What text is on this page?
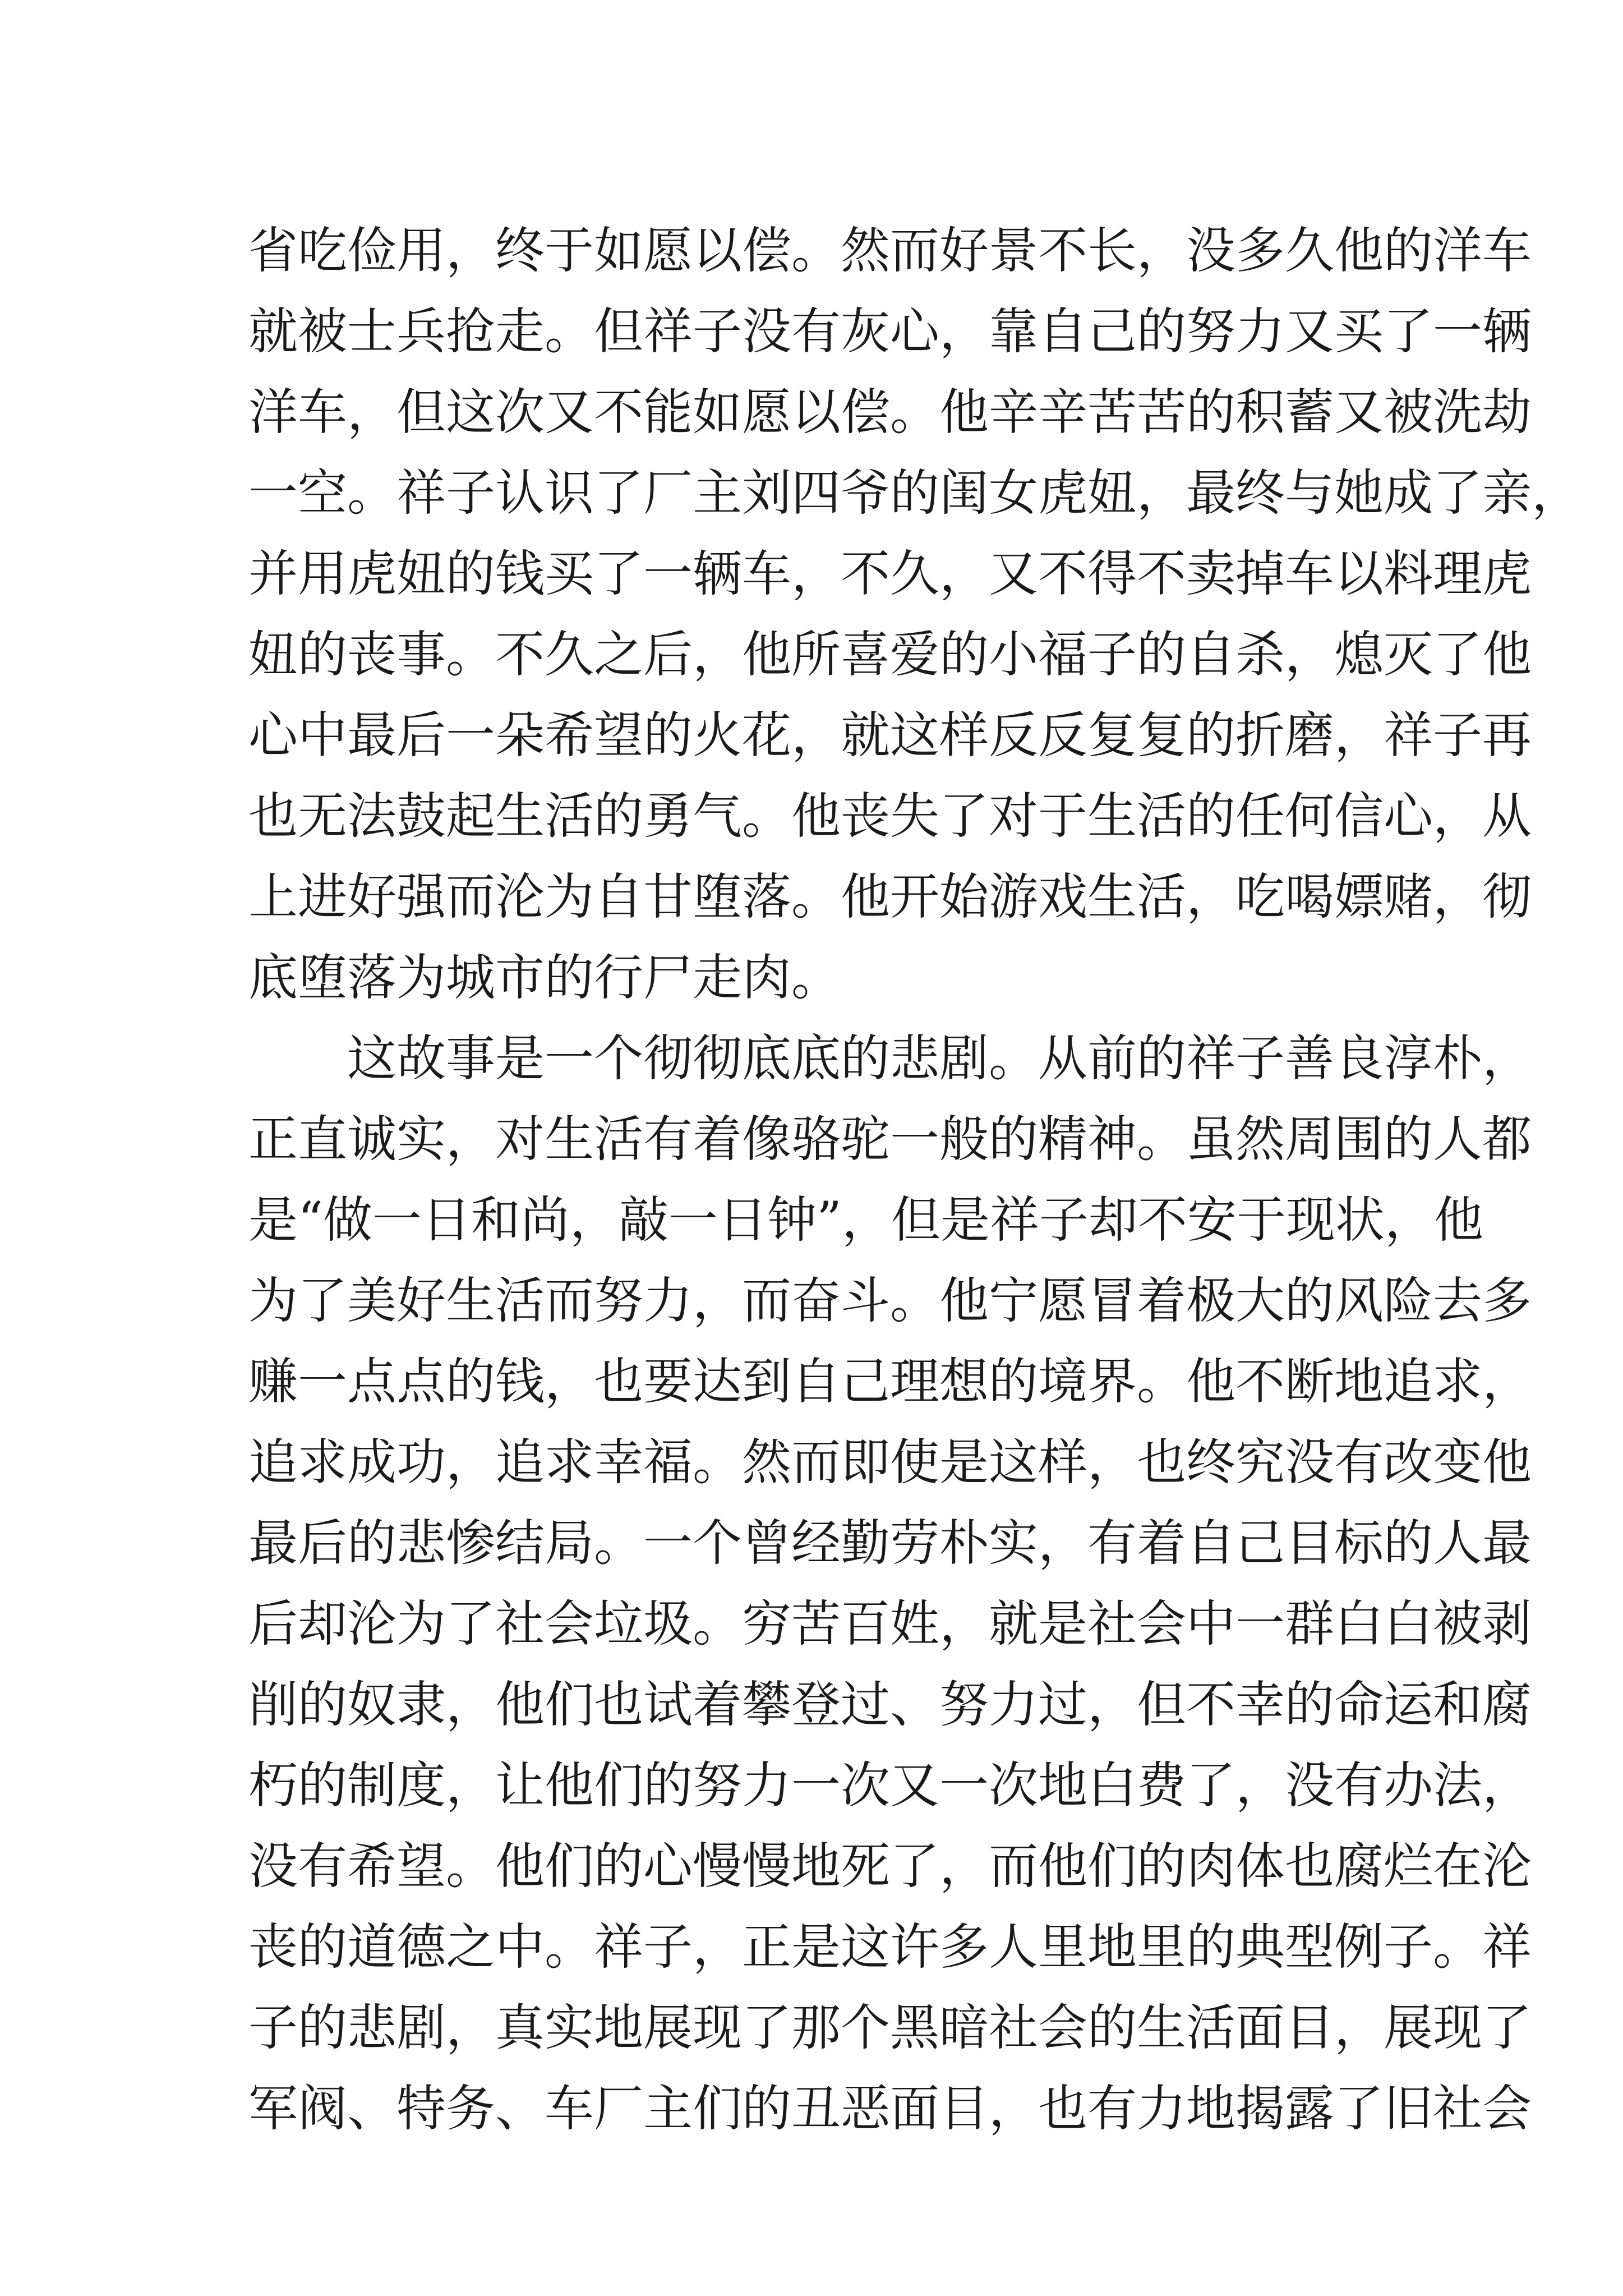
省吃俭用，终于如愿以偿。然而好景不长，没多久他的洋车
就被士兵抢走。但祥子没有灰心，靠自己的努力又买了一辆
洋车，但这次又不能如愿以偿。他辛辛苦苦的积蓄又被洗劫
一空。祥子认识了厂主刘四爷的闺女虎妞，最终与她成了亲，
并用虎妞的钱买了一辆车，不久，又不得不卖掉车以料理虎
妞的丧事。不久之后，他所喜爱的小福子的自杀，熄灭了他
心中最后一朵希望的火花，就这样反反复复的折磨，祥子再
也无法鼓起生活的勇气。他丧失了对于生活的任何信心，从
上进好强而沦为自甘堕落。他开始游戏生活，吃喝嫖赌，彻
底堕落为城市的行尸走肉。
这故事是一个彻彻底底的悲剧。从前的祥子善良淳朴，
正直诚实，对生活有着像骆驼一般的精神。虽然周围的人都
是“做一日和尚，敲一日钟”，但是祥子却不安于现状，他
为了美好生活而努力，而奋斗。他宁愿冒着极大的风险去多
赚一点点的钱，也要达到自己理想的境界。他不断地追求，
追求成功，追求幸福。然而即使是这样，也终究没有改变他
最后的悲惨结局。一个曾经勤劳朴实，有着自己目标的人最
后却沦为了社会垃圾。穷苦百姓，就是社会中一群白白被剥
削的奴隶，他们也试着攀登过、努力过，但不幸的命运和腐
朽的制度，让他们的努力一次又一次地白费了，没有办法，
没有希望。他们的心慢慢地死了，而他们的肉体也腐烂在沦
丧的道德之中。祥子，正是这许多人里地里的典型例子。祥
子的悲剧，真实地展现了那个黑暗社会的生活面目，展现了
军阀、特务、车厂主们的丑恶面目，也有力地揭露了旧社会
